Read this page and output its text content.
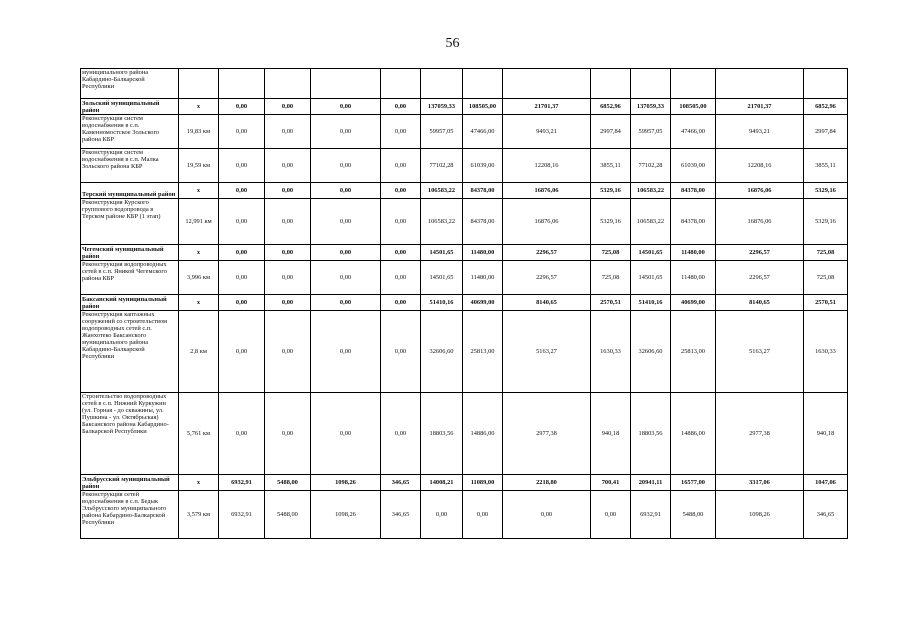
56
муниципального района Кабардино-Балкарской Республики													
Зольский муниципальный район	х	0,00	0,00	0,00	0,00	137059,33	108505,00	21701,37	6852,96	137059,33	108505,00	21701,37	6852,96
Реконструкция систем водоснабжения в с.п. Каменномостское Зольского района КБР	19,83 км	0,00	0,00	0,00	0,00	59957,05	47466,00	9493,21	2997,84	59957,05	47466,00	9493,21	2997,84
Реконструкция систем водоснабжения в с.п. Малка Зольского района КБР	19,59 км	0,00	0,00	0,00	0,00	77102,28	61039,00	12208,16	3855,11	77102,28	61039,00	12208,16	3855,11
Терский муниципальный район	х	0,00	0,00	0,00	0,00	106583,22	84378,00	16876,06	5329,16	106583,22	84378,00	16876,06	5329,16
Реконструкция Курского группового водопровода в Терском районе КБР (1 этап)	12,991 км	0,00	0,00	0,00	0,00	106583,22	84378,00	16876,06	5329,16	106583,22	84378,00	16876,06	5329,16
Чегемский муниципальный район	х	0,00	0,00	0,00	0,00	14501,65	11480,00	2296,57	725,08	14501,65	11480,00	2296,57	725,08
Реконструкция водопроводных сетей в с.п. Яникой Чегемского района КБР	3,996 км	0,00	0,00	0,00	0,00	14501,65	11480,00	2296,57	725,08	14501,65	11480,00	2296,57	725,08
Баксанский муниципальный район	х	0,00	0,00	0,00	0,00	51410,16	40699,00	8140,65	2570,51	51410,16	40699,00	8140,65	2570,51
Реконструкция каптажных сооружений со строительством водопроводных сетей с.п. Жанхотеко Баксанского муниципального района Кабардино-Балкарской Республики	2,8 км	0,00	0,00	0,00	0,00	32606,60	25813,00	5163,27	1630,33	32606,60	25813,00	5163,27	1630,33
Строительство водопроводных сетей в с.п. Нижний Куркужин (ул. Горная - до скважины, ул. Пушкина - ул. Октябрьская) Баксанского района Кабардино-Балкарской Республики	5,761 км	0,00	0,00	0,00	0,00	18803,56	14886,00	2977,38	940,18	18803,56	14886,00	2977,38	940,18
Эльбрусский муниципальный район	х	6932,91	5488,00	1098,26	346,65	14008,21	11089,00	2218,80	700,41	20941,11	16577,00	3317,06	1047,06
Реконструкция сетей водоснабжения в с.п. Бедык Эльбрусского муниципального района Кабардино-Балкарской Республики	3,579 км	6932,91	5488,00	1098,26	346,65	0,00	0,00	0,00	0,00	6932,91	5488,00	1098,26	346,65
